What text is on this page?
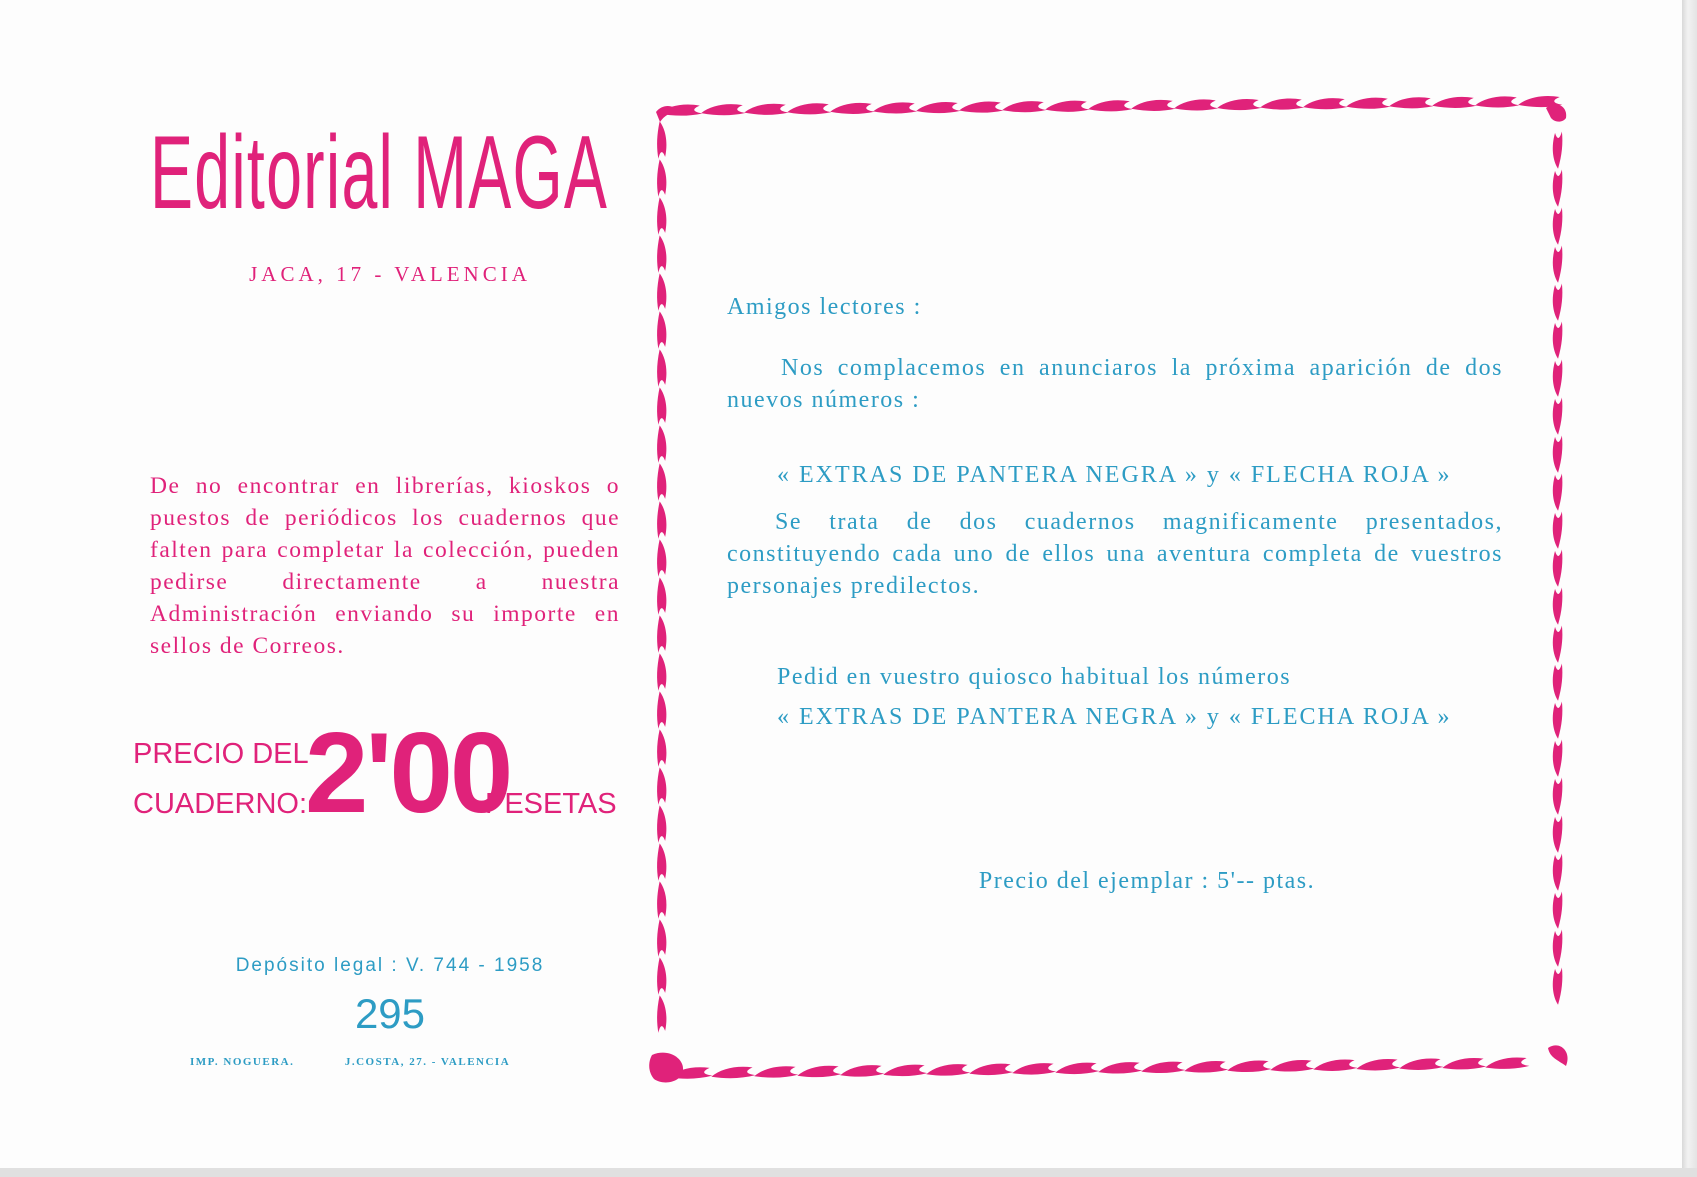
Editorial MAGA
JACA, 17 - VALENCIA

De no encontrar en librerías, kioskos o puestos de periódicos los cuadernos que falten para completar la colección, pueden pedirse directamente a nuestra Administración enviando su importe en sellos de Correos.

PRECIO DEL
CUADERNO:
2'00
PESETAS
Depósito legal : V. 744 - 1958
295
IMP. NOGUERA.	J.COSTA, 27. - VALENCIA

Amigos lectores :

Nos complacemos en anunciaros la próxima aparición de dos nuevos números :

« EXTRAS DE PANTERA NEGRA » y « FLECHA ROJA »

Se trata de dos cuadernos magnificamente presentados, constituyendo cada uno de ellos una aventura completa de vuestros personajes predilectos.

Pedid en vuestro quiosco habitual los números

« EXTRAS DE PANTERA NEGRA » y « FLECHA ROJA »

Precio del ejemplar : 5'-- ptas.
